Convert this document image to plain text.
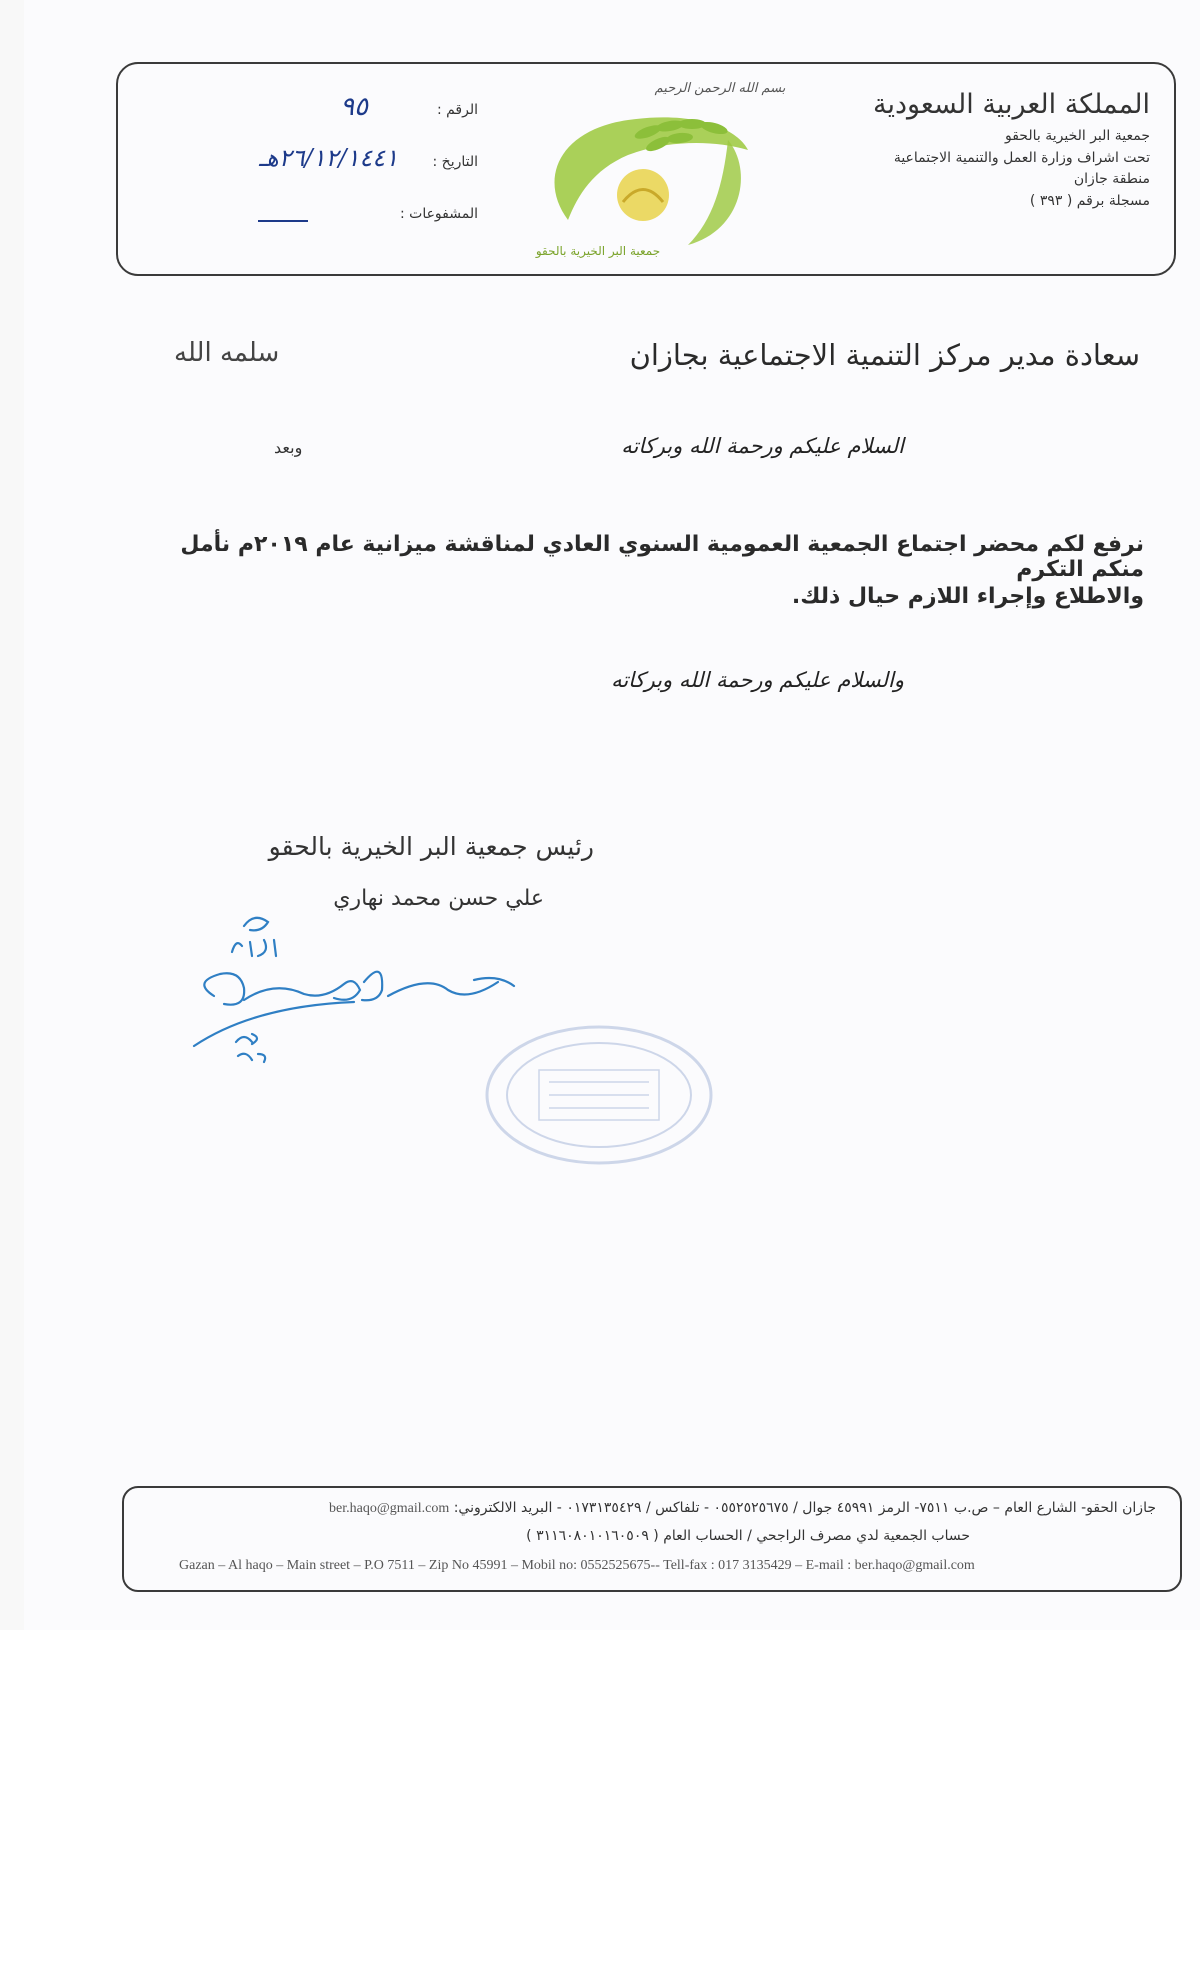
المملكة العربية السعودية
جمعية البر الخيرية بالحقو
تحت اشراف وزارة العمل والتنمية الاجتماعية
منطقة جازان
مسجلة برقم ( ٣٩٣ )
بسم الله الرحمن الرحيم
جمعية البر الخيرية بالحقو
الرقم :
٩٥
التاريخ :
٢٦/١٢/١٤٤١هـ
المشفوعات :
سعادة مدير مركز التنمية الاجتماعية بجازان
سلمه الله
السلام عليكم ورحمة الله وبركاته
وبعد
نرفع لكم محضر اجتماع الجمعية العمومية السنوي العادي لمناقشة ميزانية عام ٢٠١٩م نأمل منكم التكرم
والاطلاع وإجراء اللازم حيال ذلك.
والسلام عليكم ورحمة الله وبركاته
رئيس جمعية البر الخيرية بالحقو
علي حسن محمد نهاري
١٤٤١ ٢٦ ١٢
جازان الحقو- الشارع العام – ص.ب ٧٥١١- الرمز ٤٥٩٩١ جوال / ٠٥٥٢٥٢٥٦٧٥ - تلفاكس / ٠١٧٣١٣٥٤٢٩ - البريد الالكتروني: ber.haqo@gmail.com
حساب الجمعية لدي مصرف الراجحي / الحساب العام ( ٣١١٦٠٨٠١٠١٦٠٥٠٩ )
Gazan – Al haqo – Main street – P.O 7511 – Zip No 45991 – Mobil no: 0552525675-- Tell-fax : 017 3135429 – E-mail : ber.haqo@gmail.com
